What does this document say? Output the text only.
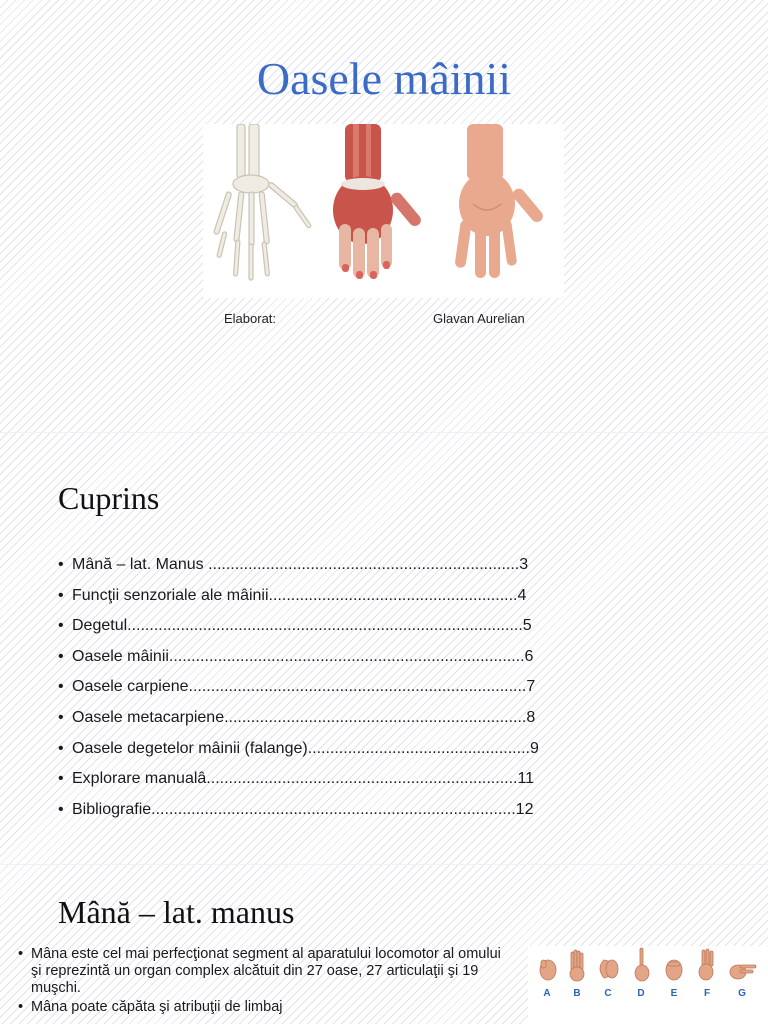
Oasele mâinii
Elaborat:	Glavan Aurelian
Cuprins
• Mână – lat. Manus ......................................................................3
• Funcţii senzoriale ale mâinii........................................................4
• Degetul.........................................................................................5
• Oasele mâinii................................................................................6
• Oasele carpiene............................................................................7
• Oasele metacarpiene....................................................................8
• Oasele degetelor mâinii (falange)..................................................9
• Explorare manualâ......................................................................11
• Bibliografie..................................................................................12
Mână – lat. manus
• Mâna este cel mai perfecţionat segment al aparatului locomotor al omului şi reprezintă un organ complex alcătuit din 27 oase, 27 articulaţii şi 19 muşchi.
• Mâna poate căpăta şi atribuţii de limbaj
A	B	C	D	E	F	G
